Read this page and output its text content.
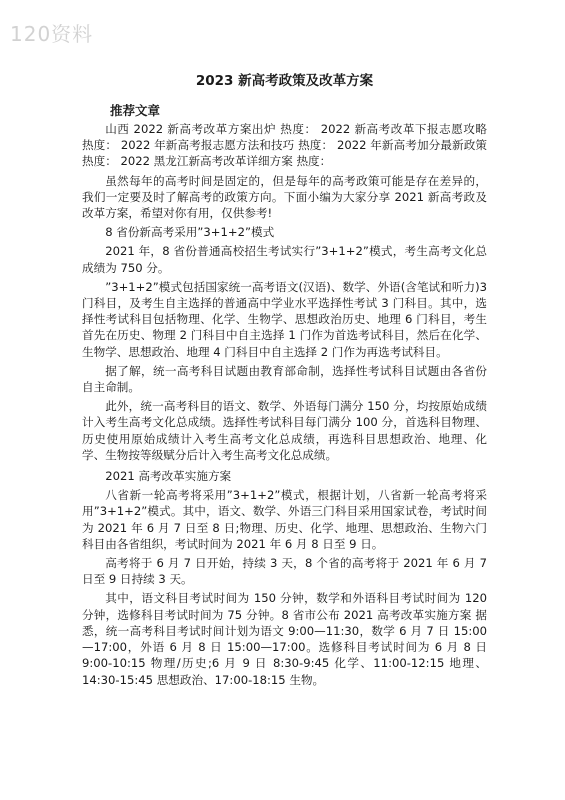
120资料
2023 新高考政策及改革方案
推荐文章

山西 2022 新高考改革方案出炉 热度： 2022 新高考改革下报志愿攻略 热度： 2022 年新高考报志愿方法和技巧 热度： 2022 年新高考加分最新政策 热度： 2022 黑龙江新高考改革详细方案 热度：

虽然每年的高考时间是固定的，但是每年的高考政策可能是存在差异的，我们一定要及时了解高考的政策方向。下面小编为大家分享 2021 新高考政及改革方案，希望对你有用，仅供参考!

8 省份新高考采用”3+1+2”模式

2021 年，8 省份普通高校招生考试实行”3+1+2”模式，考生高考文化总成绩为 750 分。

”3+1+2”模式包括国家统一高考语文(汉语)、数学、外语(含笔试和听力)3 门科目，及考生自主选择的普通高中学业水平选择性考试 3 门科目。其中，选择性考试科目包括物理、化学、生物学、思想政治历史、地理 6 门科目，考生首先在历史、物理 2 门科目中自主选择 1 门作为首选考试科目，然后在化学、生物学、思想政治、地理 4 门科目中自主选择 2 门作为再选考试科目。

据了解，统一高考科目试题由教育部命制，选择性考试科目试题由各省份自主命制。

此外，统一高考科目的语文、数学、外语每门满分 150 分，均按原始成绩计入考生高考文化总成绩。选择性考试科目每门满分 100 分，首选科目物理、历史使用原始成绩计入考生高考文化总成绩，再选科目思想政治、地理、化学、生物按等级赋分后计入考生高考文化总成绩。

2021 高考改革实施方案

八省新一轮高考将采用”3+1+2”模式，根据计划，八省新一轮高考将采用”3+1+2”模式。其中，语文、数学、外语三门科目采用国家试卷，考试时间为 2021 年 6 月 7 日至 8 日;物理、历史、化学、地理、思想政治、生物六门科目由各省组织，考试时间为 2021 年 6 月 8 日至 9 日。

高考将于 6 月 7 日开始，持续 3 天，8 个省的高考将于 2021 年 6 月 7 日至 9 日持续 3 天。

其中，语文科目考试时间为 150 分钟，数学和外语科目考试时间为 120 分钟，选修科目考试时间为 75 分钟。8 省市公布 2021 高考改革实施方案 据悉，统一高考科目考试时间计划为语文 9:00—11:30，数学 6 月 7 日 15:00—17:00，外语 6 月 8 日 15:00—17:00。选修科目考试时间为 6 月 8 日 9:00-10:15 物理/历史;6 月 9 日 8:30-9:45 化学、11:00-12:15 地理、14:30-15:45 思想政治、17:00-18:15 生物。
